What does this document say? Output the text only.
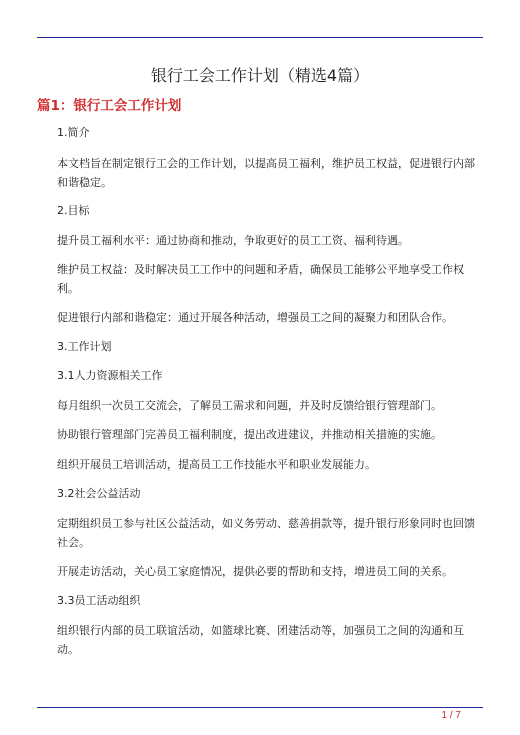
银行工会工作计划（精选4篇）
篇1：银行工会工作计划

1.简介

本文档旨在制定银行工会的工作计划，以提高员工福利，维护员工权益，促进银行内部和谐稳定。

2.目标

提升员工福利水平：通过协商和推动，争取更好的员工工资、福利待遇。

维护员工权益：及时解决员工工作中的问题和矛盾，确保员工能够公平地享受工作权利。

促进银行内部和谐稳定：通过开展各种活动，增强员工之间的凝聚力和团队合作。

3.工作计划

3.1人力资源相关工作

每月组织一次员工交流会，了解员工需求和问题，并及时反馈给银行管理部门。

协助银行管理部门完善员工福利制度，提出改进建议，并推动相关措施的实施。

组织开展员工培训活动，提高员工工作技能水平和职业发展能力。

3.2社会公益活动

定期组织员工参与社区公益活动，如义务劳动、慈善捐款等，提升银行形象同时也回馈社会。

开展走访活动，关心员工家庭情况，提供必要的帮助和支持，增进员工间的关系。

3.3员工活动组织

组织银行内部的员工联谊活动，如篮球比赛、团建活动等，加强员工之间的沟通和互动。

1 / 7
